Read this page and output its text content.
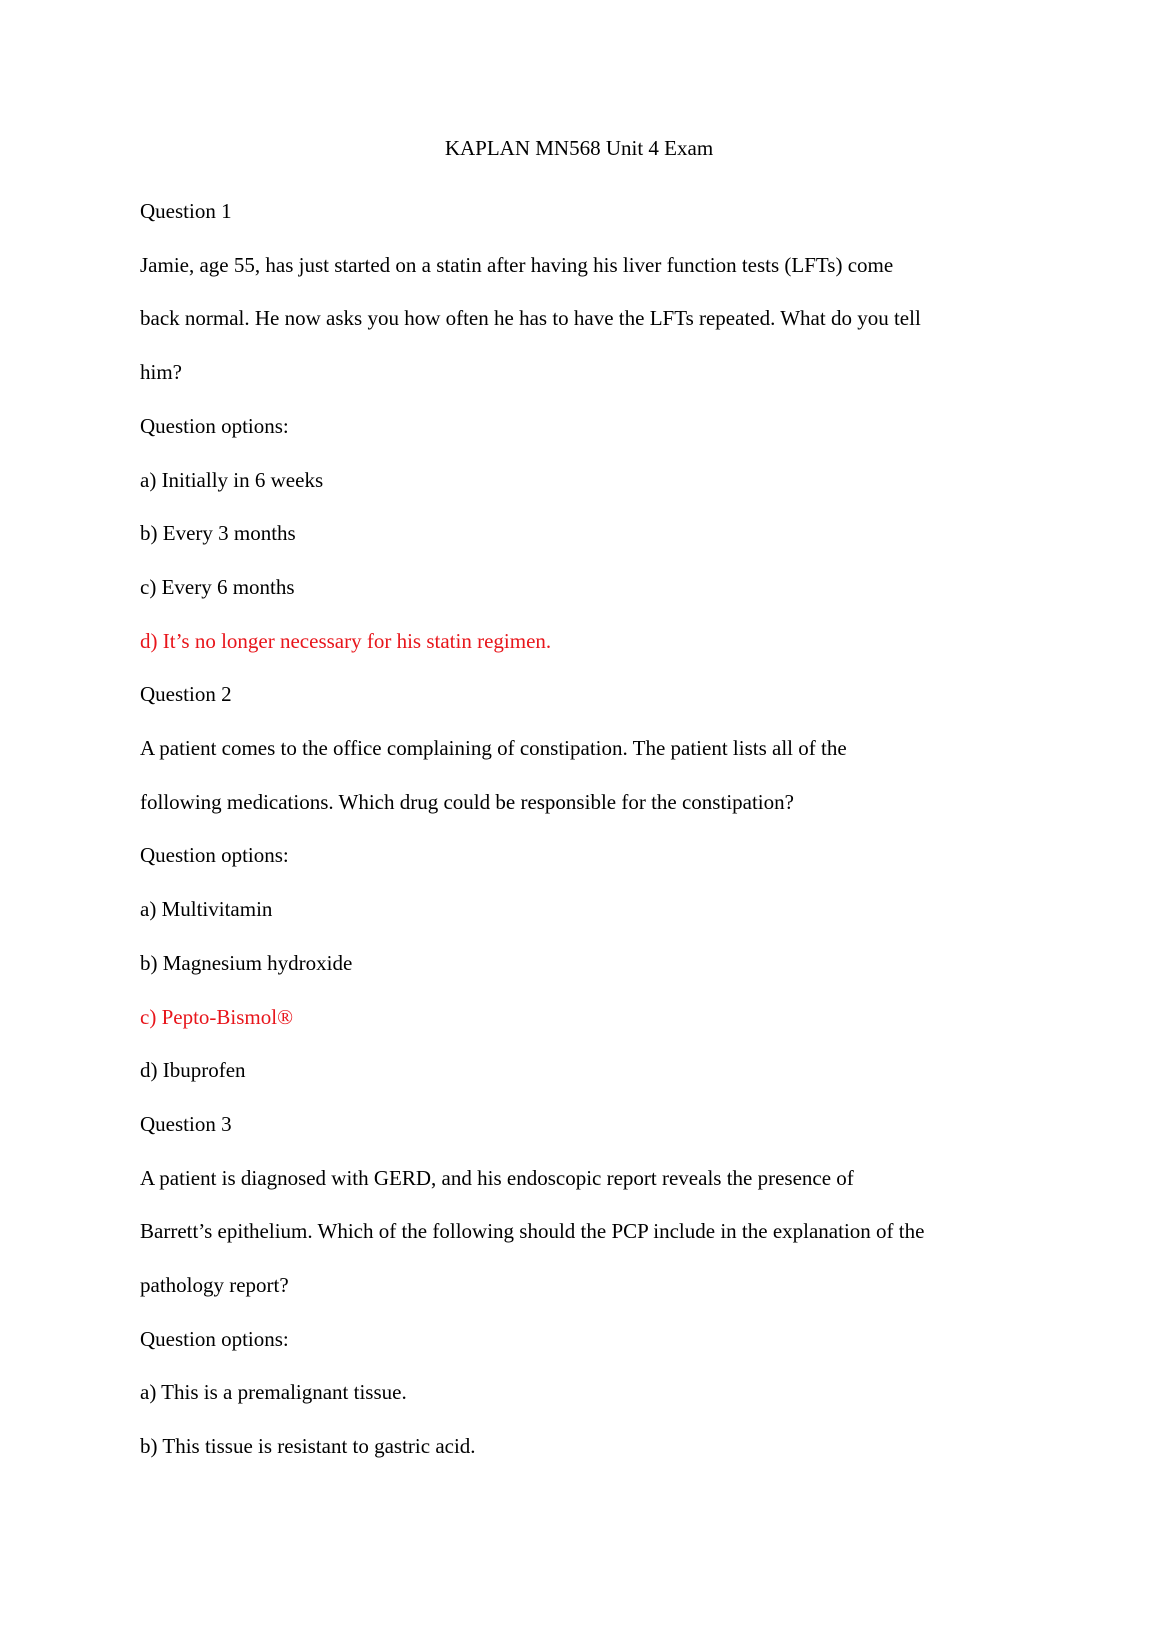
KAPLAN MN568 Unit 4 Exam
Question 1
Jamie, age 55, has just started on a statin after having his liver function tests (LFTs) come
back normal. He now asks you how often he has to have the LFTs repeated. What do you tell
him?
Question options:
a) Initially in 6 weeks
b) Every 3 months
c) Every 6 months
d) It’s no longer necessary for his statin regimen.
Question 2
A patient comes to the office complaining of constipation. The patient lists all of the
following medications. Which drug could be responsible for the constipation?
Question options:
a) Multivitamin
b) Magnesium hydroxide
c) Pepto-Bismol®
d) Ibuprofen
Question 3
A patient is diagnosed with GERD, and his endoscopic report reveals the presence of
Barrett’s epithelium. Which of the following should the PCP include in the explanation of the
pathology report?
Question options:
a) This is a premalignant tissue.
b) This tissue is resistant to gastric acid.
